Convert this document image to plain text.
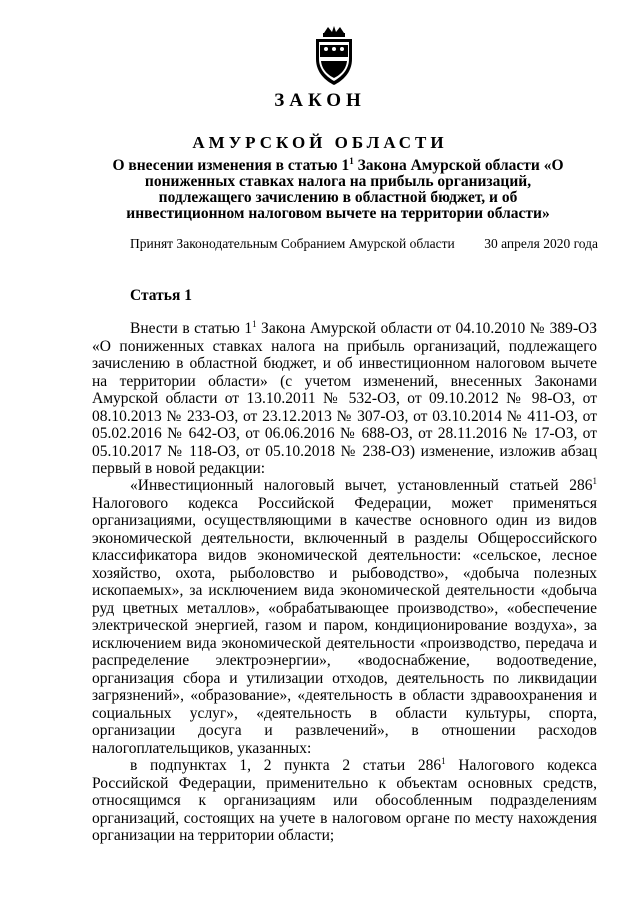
ЗАКОН
АМУРСКОЙ ОБЛАСТИ
О внесении изменения в статью $1^1$ Закона Амурской области «О пониженных ставках налога на прибыль организаций, подлежащего зачислению в областной бюджет, и об инвестиционном налоговом вычете на территории области»
Принят Законодательным Собранием Амурской области 30 апреля 2020 года
Статья 1
Внести в статью $1^1$ Закона Амурской области от 04.10.2010 № 389-ОЗ «О пониженных ставках налога на прибыль организаций, подлежащего зачислению в областной бюджет, и об инвестиционном налоговом вычете на территории области» (с учетом изменений, внесенных Законами Амурской области от 13.10.2011 № 532-ОЗ, от 09.10.2012 № 98-ОЗ, от 08.10.2013 № 233-ОЗ, от 23.12.2013 № 307-ОЗ, от 03.10.2014 № 411-ОЗ, от 05.02.2016 № 642-ОЗ, от 06.06.2016 № 688-ОЗ, от 28.11.2016 № 17-ОЗ, от 05.10.2017 № 118-ОЗ, от 05.10.2018 № 238-ОЗ) изменение, изложив абзац первый в новой редакции:
«Инвестиционный налоговый вычет, установленный статьей $286^1$ Налогового кодекса Российской Федерации, может применяться организациями, осуществляющими в качестве основного один из видов экономической деятельности, включенный в разделы Общероссийского классификатора видов экономической деятельности: «сельское, лесное хозяйство, охота, рыболовство и рыбоводство», «добыча полезных ископаемых», за исключением вида экономической деятельности «добыча руд цветных металлов», «обрабатывающее производство», «обеспечение электрической энергией, газом и паром, кондиционирование воздуха», за исключением вида экономической деятельности «производство, передача и распределение электроэнергии», «водоснабжение, водоотведение, организация сбора и утилизации отходов, деятельность по ликвидации загрязнений», «образование», «деятельность в области здравоохранения и социальных услуг», «деятельность в области культуры, спорта, организации досуга и развлечений», в отношении расходов налогоплательщиков, указанных:
в подпунктах 1, 2 пункта 2 статьи $286^1$ Налогового кодекса Российской Федерации, применительно к объектам основных средств, относящимся к организациям или обособленным подразделениям организаций, состоящих на учете в налоговом органе по месту нахождения организации на территории области;
